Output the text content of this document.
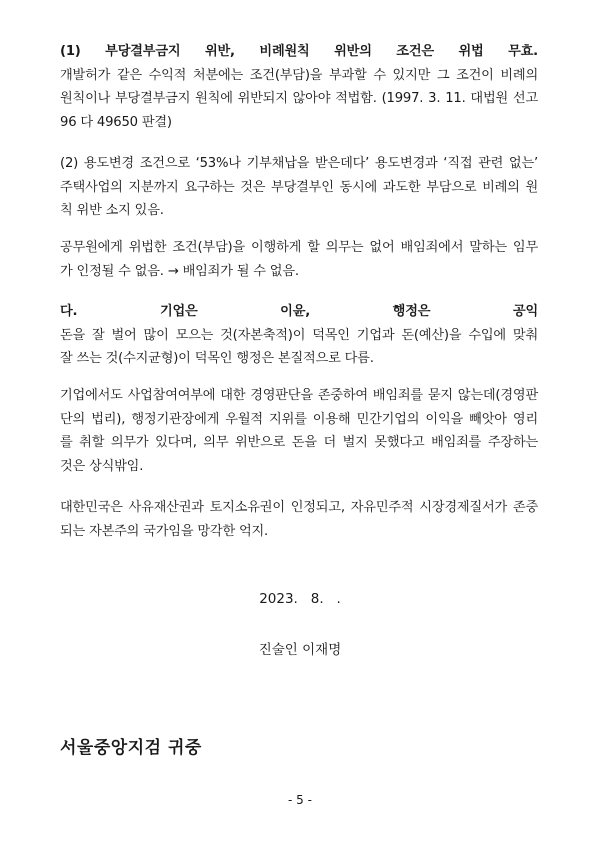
(1) 부당결부금지 위반, 비례원칙 위반의 조건은 위법 무효.
개발허가 같은 수익적 처분에는 조건(부담)을 부과할 수 있지만 그 조건이 비례의
원칙이나 부당결부금지 원칙에 위반되지 않아야 적법함. (1997. 3. 11. 대법원 선고
96 다 49650 판결)
(2) 용도변경 조건으로 ‘53%나 기부채납을 받은데다’ 용도변경과 ‘직접 관련 없는’
주택사업의 지분까지 요구하는 것은 부당결부인 동시에 과도한 부담으로 비례의 원
칙 위반 소지 있음.
공무원에게 위법한 조건(부담)을 이행하게 할 의무는 없어 배임죄에서 말하는 임무
가 인정될 수 없음. → 배임죄가 될 수 없음.
다. 기업은 이윤, 행정은 공익
돈을 잘 벌어 많이 모으는 것(자본축적)이 덕목인 기업과 돈(예산)을 수입에 맞춰
잘 쓰는 것(수지균형)이 덕목인 행정은 본질적으로 다름.
기업에서도 사업참여여부에 대한 경영판단을 존중하여 배임죄를 묻지 않는데(경영판
단의 법리), 행정기관장에게 우월적 지위를 이용해 민간기업의 이익을 빼앗아 영리
를 취할 의무가 있다며, 의무 위반으로 돈을 더 벌지 못했다고 배임죄를 주장하는
것은 상식밖임.
대한민국은 사유재산권과 토지소유권이 인정되고, 자유민주적 시장경제질서가 존중
되는 자본주의 국가임을 망각한 억지.
2023.   8.   .
진술인 이재명
서울중앙지검 귀중
- 5 -
